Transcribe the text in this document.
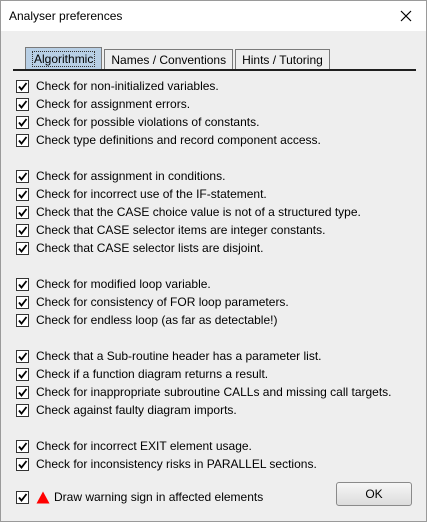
Analyser preferences
Algorithmic	Names / Conventions	Hints / Tutoring
Check for non-initialized variables.
Check for assignment errors.
Check for possible violations of constants.
Check type definitions and record component access.
Check for assignment in conditions.
Check for incorrect use of the IF-statement.
Check that the CASE choice value is not of a structured type.
Check that CASE selector items are integer constants.
Check that CASE selector lists are disjoint.
Check for modified loop variable.
Check for consistency of FOR loop parameters.
Check for endless loop (as far as detectable!)
Check that a Sub-routine header has a parameter list.
Check if a function diagram returns a result.
Check for inappropriate subroutine CALLs and missing call targets.
Check against faulty diagram imports.
Check for incorrect EXIT element usage.
Check for inconsistency risks in PARALLEL sections.
Draw warning sign in affected elements	OK
